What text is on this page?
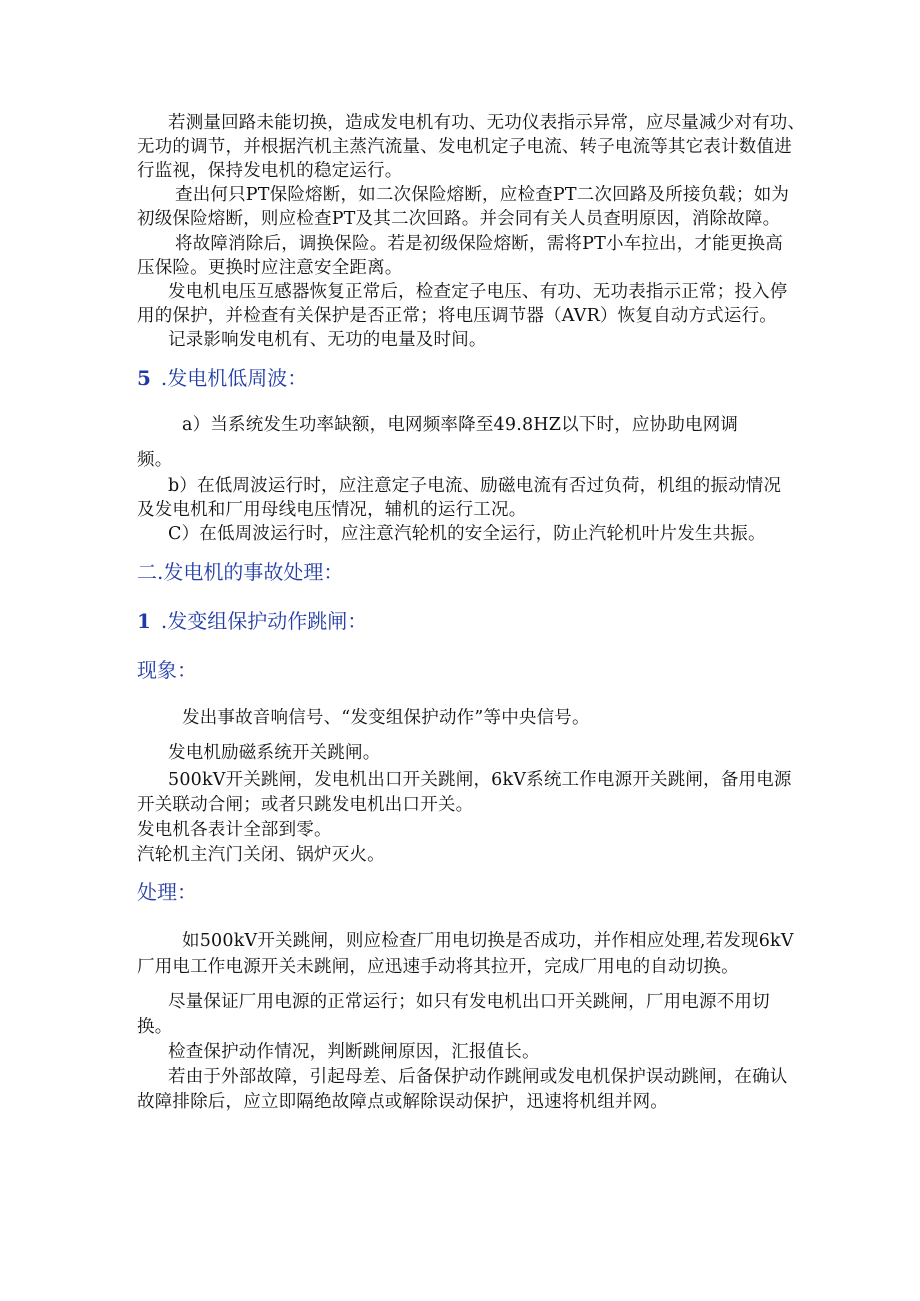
若测量回路未能切换，造成发电机有功、无功仪表指示异常，应尽量减少对有功、
无功的调节，并根据汽机主蒸汽流量、发电机定子电流、转子电流等其它表计数值进
行监视，保持发电机的稳定运行。
查出何只PT保险熔断，如二次保险熔断，应检查PT二次回路及所接负载；如为
初级保险熔断，则应检查PT及其二次回路。并会同有关人员查明原因，消除故障。
将故障消除后，调换保险。若是初级保险熔断，需将PT小车拉出，才能更换高
压保险。更换时应注意安全距离。
发电机电压互感器恢复正常后，检查定子电压、有功、无功表指示正常；投入停
用的保护，并检查有关保护是否正常；将电压调节器（AVR）恢复自动方式运行。
记录影响发电机有、无功的电量及时间。
5 .发电机低周波：
a）当系统发生功率缺额，电网频率降至49.8HZ以下时，应协助电网调
频。
b）在低周波运行时，应注意定子电流、励磁电流有否过负荷，机组的振动情况
及发电机和厂用母线电压情况，辅机的运行工况。
C）在低周波运行时，应注意汽轮机的安全运行，防止汽轮机叶片发生共振。
二.发电机的事故处理：
1 .发变组保护动作跳闸：
现象：
发出事故音响信号、“发变组保护动作”等中央信号。
发电机励磁系统开关跳闸。
500kV开关跳闸，发电机出口开关跳闸，6kV系统工作电源开关跳闸，备用电源
开关联动合闸；或者只跳发电机出口开关。
发电机各表计全部到零。
汽轮机主汽门关闭、锅炉灭火。
处理：
如500kV开关跳闸，则应检查厂用电切换是否成功，并作相应处理,若发现6kV
厂用电工作电源开关未跳闸，应迅速手动将其拉开，完成厂用电的自动切换。
尽量保证厂用电源的正常运行；如只有发电机出口开关跳闸，厂用电源不用切
换。
检查保护动作情况，判断跳闸原因，汇报值长。
若由于外部故障，引起母差、后备保护动作跳闸或发电机保护误动跳闸，在确认
故障排除后，应立即隔绝故障点或解除误动保护，迅速将机组并网。
